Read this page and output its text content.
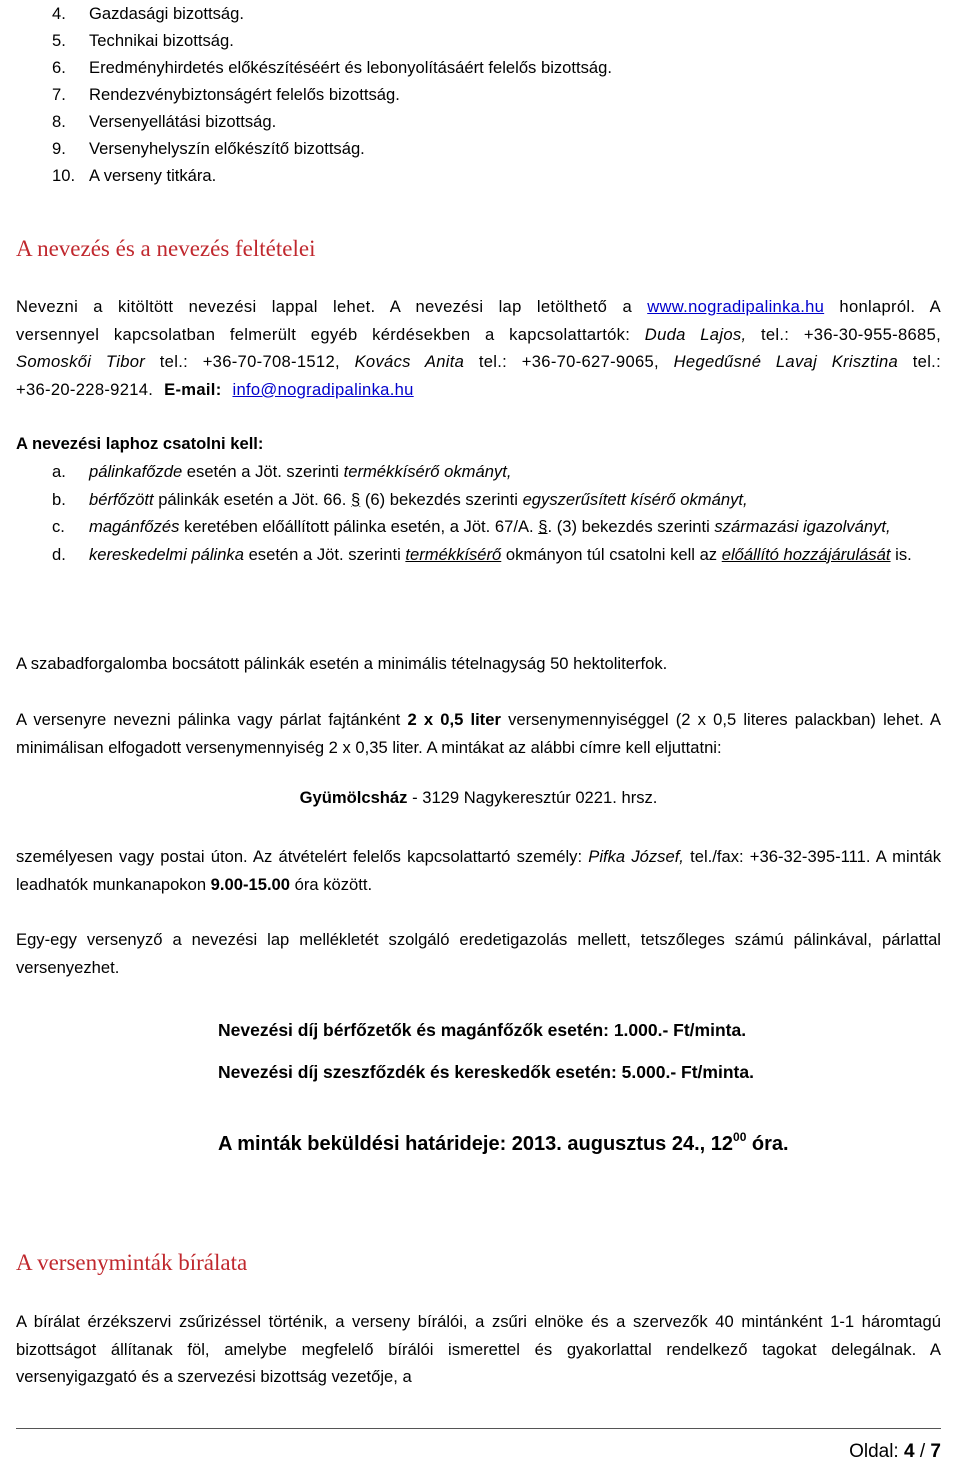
4. Gazdasági bizottság.
5. Technikai bizottság.
6. Eredményhirdetés előkészítéséért és lebonyolításáért felelős bizottság.
7. Rendezvénybiztonságért felelős bizottság.
8. Versenyellátási bizottság.
9. Versenyhelyszín előkészítő bizottság.
10. A verseny titkára.
A nevezés és a nevezés feltételei
Nevezni a kitöltött nevezési lappal lehet. A nevezési lap letölthető a www.nogradipalinka.hu honlapról. A versennyel kapcsolatban felmerült egyéb kérdésekben a kapcsolattartók: Duda Lajos, tel.: +36-30-955-8685, Somoskői Tibor tel.: +36-70-708-1512, Kovács Anita tel.: +36-70-627-9065, Hegedűsné Lavaj Krisztina tel.: +36-20-228-9214. E-mail: info@nogradipalinka.hu
A nevezési laphoz csatolni kell:
a. pálinkafőzde esetén a Jöt. szerinti termékkísérő okmányt,
b. bérfőzött pálinkák esetén a Jöt. 66. § (6) bekezdés szerinti egyszerűsített kísérő okmányt,
c. magánfőzés keretében előállított pálinka esetén, a Jöt. 67/A. §. (3) bekezdés szerinti származási igazolványt,
d. kereskedelmi pálinka esetén a Jöt. szerinti termékkísérő okmányon túl csatolni kell az előállító hozzájárulását is.
A szabadforgalomba bocsátott pálinkák esetén a minimális tételnagyság 50 hektoliterfok.
A versenyre nevezni pálinka vagy párlat fajtánként 2 x 0,5 liter versenymennyiséggel (2 x 0,5 literes palackban) lehet. A minimálisan elfogadott versenymennyiség 2 x 0,35 liter. A mintákat az alábbi címre kell eljuttatni:
Gyümölcsház - 3129 Nagykeresztúr 0221. hrsz.
személyesen vagy postai úton. Az átvételért felelős kapcsolattartó személy: Pifka József, tel./fax: +36-32-395-111. A minták leadhatók munkanapokon 9.00-15.00 óra között.
Egy-egy versenyző a nevezési lap mellékletét szolgáló eredetigazolás mellett, tetszőleges számú pálinkával, párlattal versenyezhet.
Nevezési díj bérfőzetők és magánfőzők esetén: 1.000.- Ft/minta.
Nevezési díj szeszfőzdék és kereskedők esetén: 5.000.- Ft/minta.
A minták beküldési határideje: 2013. augusztus 24., $12^{00}$ óra.
A versenyminták bírálata
A bírálat érzékszervi zsűrizéssel történik, a verseny bírálói, a zsűri elnöke és a szervezők 40 mintánként 1-1 háromtagú bizottságot állítanak föl, amelybe megfelelő bírálói ismerettel és gyakorlattal rendelkező tagokat delegálnak. A versenyigazgató és a szervezési bizottság vezetője, a
Oldal: 4 / 7
